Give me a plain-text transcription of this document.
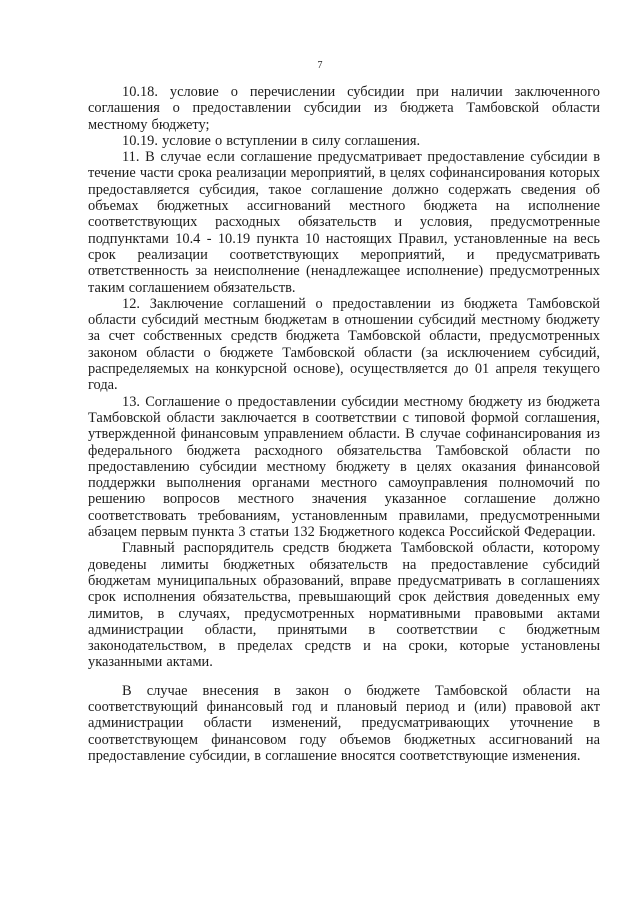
7

10.18. условие о перечислении субсидии при наличии заключенного соглашения о предоставлении субсидии из бюджета Тамбовской области местному бюджету;

10.19. условие о вступлении в силу соглашения.

11. В случае если соглашение предусматривает предоставление субсидии в течение части срока реализации мероприятий, в целях софинансирования которых предоставляется субсидия, такое соглашение должно содержать сведения об объемах бюджетных ассигнований местного бюджета на исполнение соответствующих расходных обязательств и условия, предусмотренные подпунктами 10.4 - 10.19 пункта 10 настоящих Правил, установленные на весь срок реализации соответствующих мероприятий, и предусматривать ответственность за неисполнение (ненадлежащее исполнение) предусмотренных таким соглашением обязательств.

12. Заключение соглашений о предоставлении из бюджета Тамбовской области субсидий местным бюджетам в отношении субсидий местному бюджету за счет собственных средств бюджета Тамбовской области, предусмотренных законом области о бюджете Тамбовской области (за исключением субсидий, распределяемых на конкурсной основе), осуществляется до 01 апреля текущего года.

13. Соглашение о предоставлении субсидии местному бюджету из бюджета Тамбовской области заключается в соответствии с типовой формой соглашения, утвержденной финансовым управлением области. В случае софинансирования из федерального бюджета расходного обязательства Тамбовской области по предоставлению субсидии местному бюджету в целях оказания финансовой поддержки выполнения органами местного самоуправления полномочий по решению вопросов местного значения указанное соглашение должно соответствовать требованиям, установленным правилами, предусмотренными абзацем первым пункта 3 статьи 132 Бюджетного кодекса Российской Федерации.

Главный распорядитель средств бюджета Тамбовской области, которому доведены лимиты бюджетных обязательств на предоставление субсидий бюджетам муниципальных образований, вправе предусматривать в соглашениях срок исполнения обязательства, превышающий срок действия доведенных ему лимитов, в случаях, предусмотренных нормативными правовыми актами администрации области, принятыми в соответствии с бюджетным законодательством, в пределах средств и на сроки, которые установлены указанными актами.

В случае внесения в закон о бюджете Тамбовской области на соответствующий финансовый год и плановый период и (или) правовой акт администрации области изменений, предусматривающих уточнение в соответствующем финансовом году объемов бюджетных ассигнований на предоставление субсидии, в соглашение вносятся соответствующие изменения.
